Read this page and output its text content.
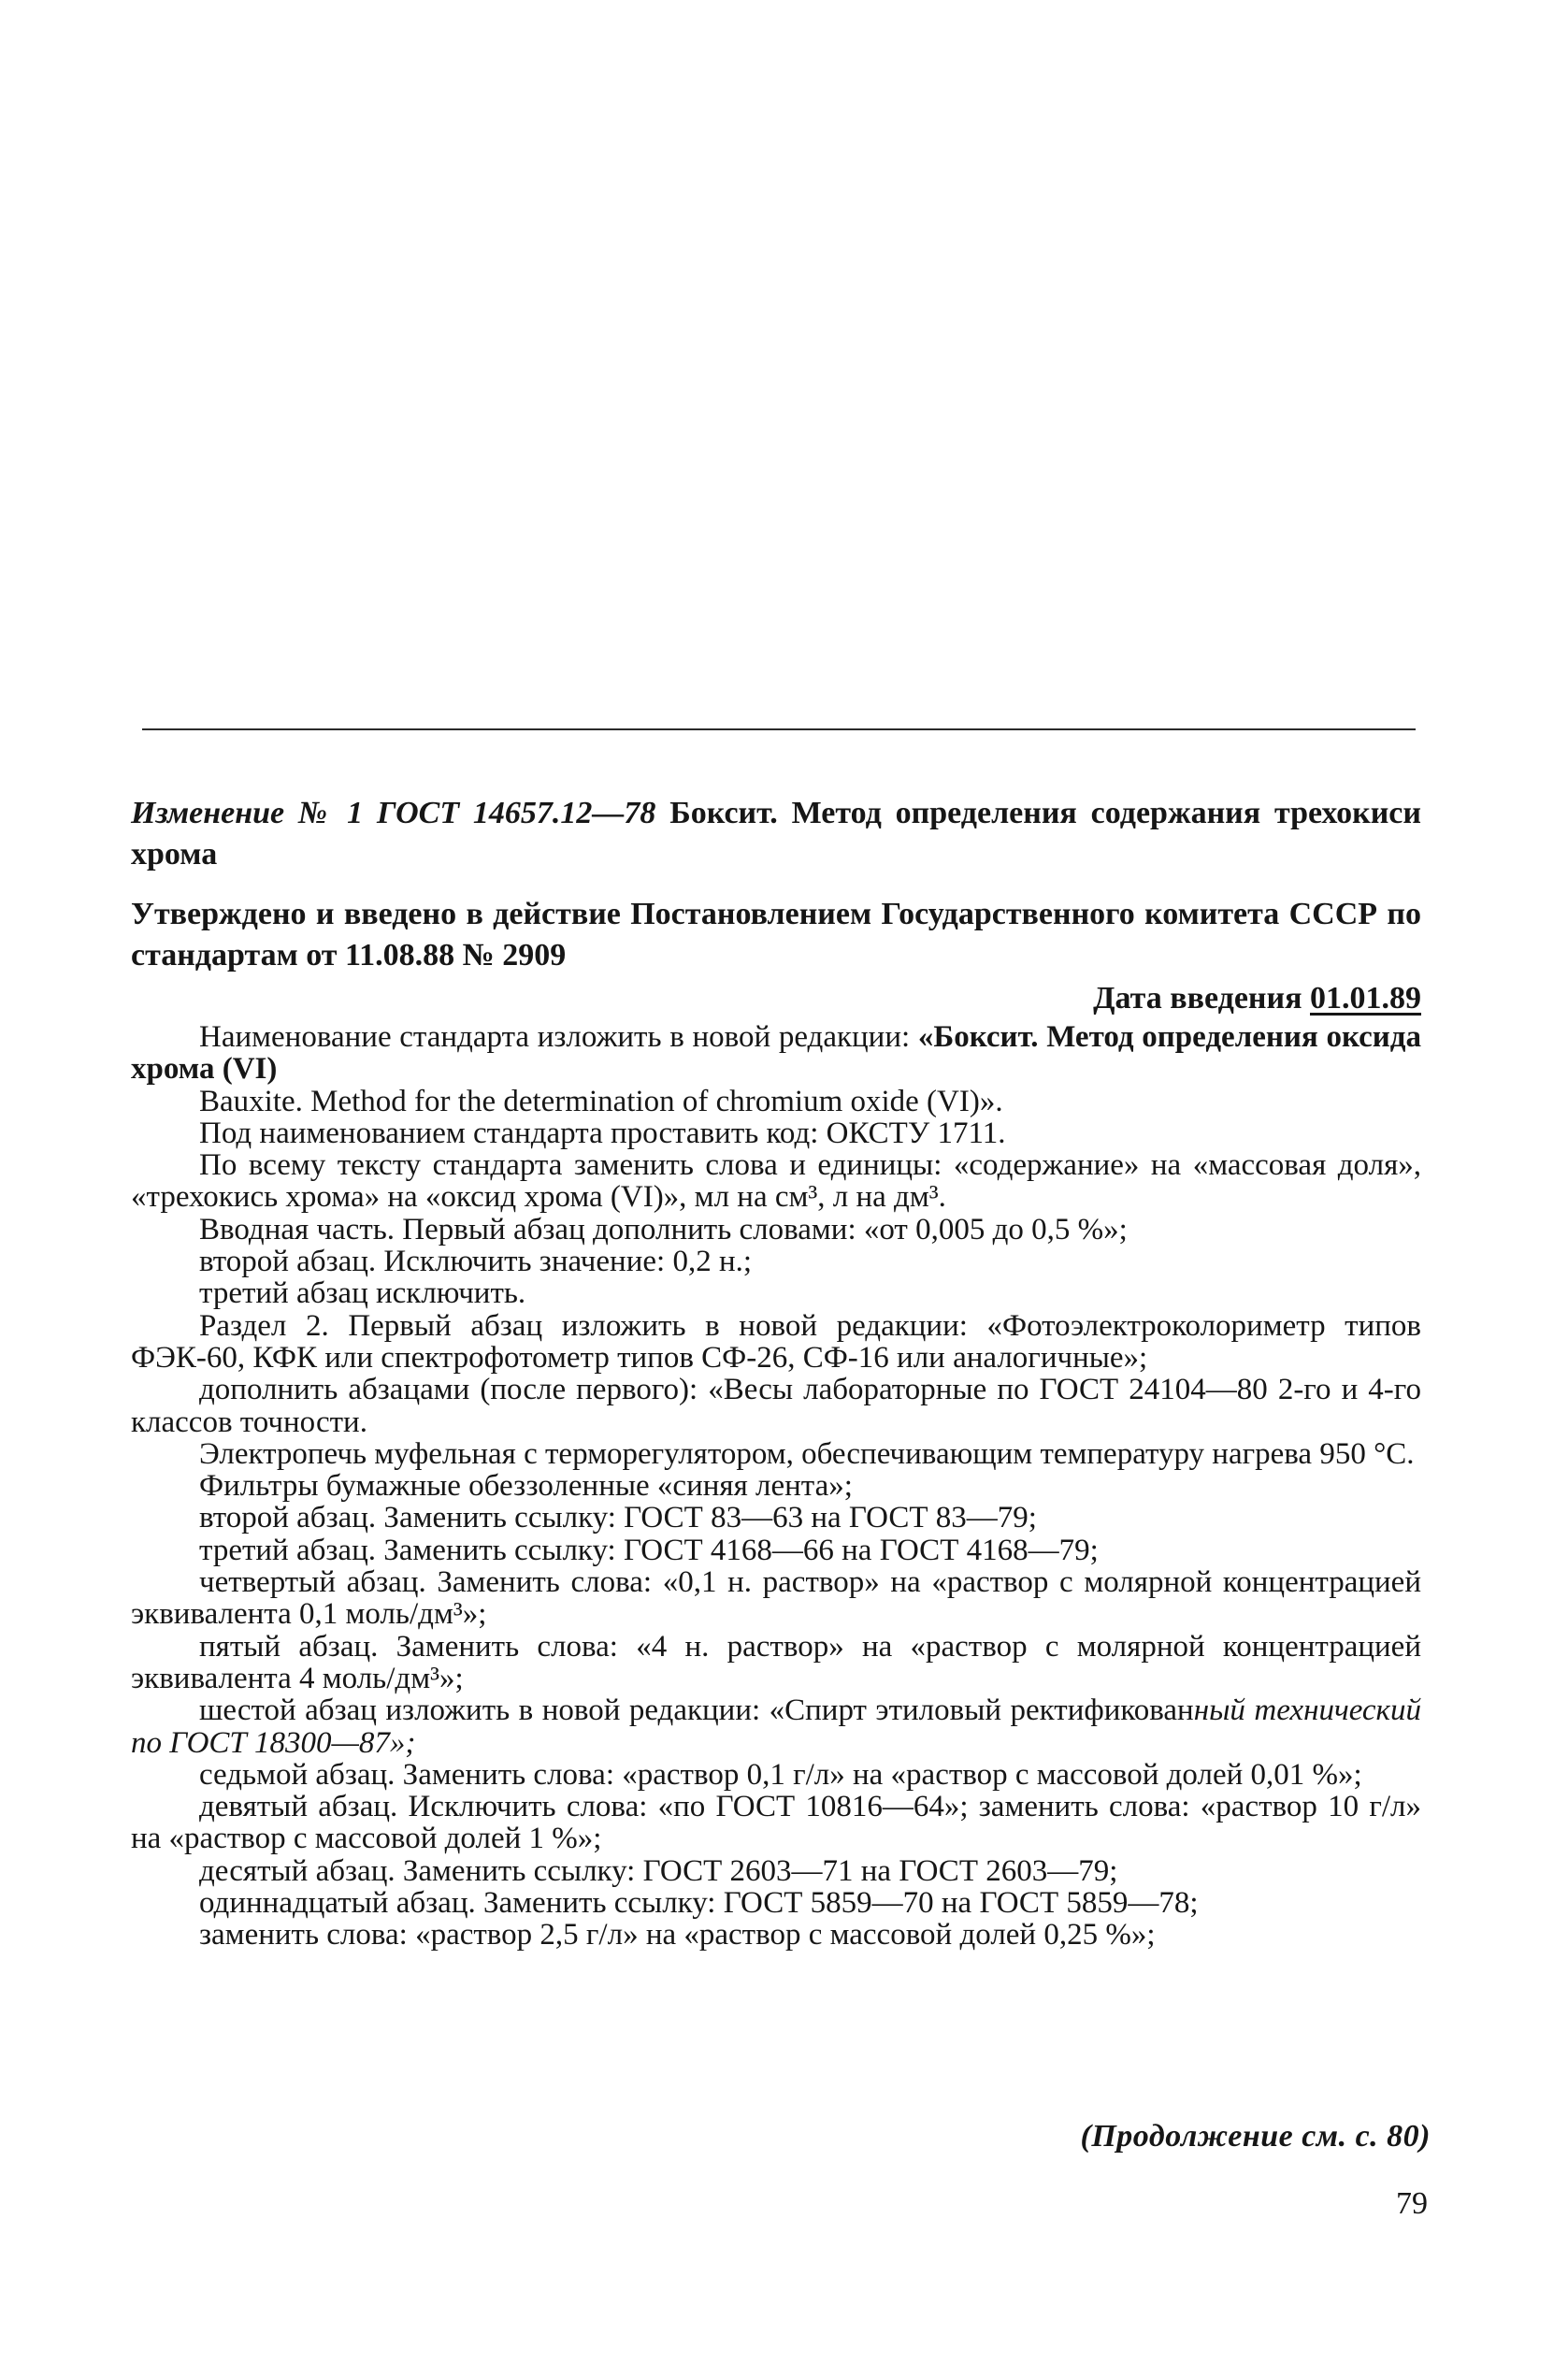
Изменение № 1 ГОСТ 14657.12—78 Боксит. Метод определения содержания трехокиси хрома

Утверждено и введено в действие Постановлением Государственного комитета СССР по стандартам от 11.08.88 № 2909

Дата введения 01.01.89

Наименование стандарта изложить в новой редакции: «Боксит. Метод определения оксида хрома (VI)

Bauxite. Method for the determination of chromium oxide (VI)».

Под наименованием стандарта проставить код: ОКСТУ 1711.

По всему тексту стандарта заменить слова и единицы: «содержание» на «массовая доля», «трехокись хрома» на «оксид хрома (VI)», мл на см³, л на дм³.

Вводная часть. Первый абзац дополнить словами: «от 0,005 до 0,5 %»;

второй абзац. Исключить значение: 0,2 н.;

третий абзац исключить.

Раздел 2. Первый абзац изложить в новой редакции: «Фотоэлектроколориметр типов ФЭК-60, КФК или спектрофотометр типов СФ-26, СФ-16 или аналогичные»;

дополнить абзацами (после первого): «Весы лабораторные по ГОСТ 24104—80 2-го и 4-го классов точности.

Электропечь муфельная с терморегулятором, обеспечивающим температуру нагрева 950 °С.

Фильтры бумажные обеззоленные «синяя лента»;

второй абзац. Заменить ссылку: ГОСТ 83—63 на ГОСТ 83—79;

третий абзац. Заменить ссылку: ГОСТ 4168—66 на ГОСТ 4168—79;

четвертый абзац. Заменить слова: «0,1 н. раствор» на «раствор с молярной концентрацией эквивалента 0,1 моль/дм³»;

пятый абзац. Заменить слова: «4 н. раствор» на «раствор с молярной концентрацией эквивалента 4 моль/дм³»;

шестой абзац изложить в новой редакции: «Спирт этиловый ректификованный технический по ГОСТ 18300—87»;

седьмой абзац. Заменить слова: «раствор 0,1 г/л» на «раствор с массовой долей 0,01 %»;

девятый абзац. Исключить слова: «по ГОСТ 10816—64»; заменить слова: «раствор 10 г/л» на «раствор с массовой долей 1 %»;

десятый абзац. Заменить ссылку: ГОСТ 2603—71 на ГОСТ 2603—79;

одиннадцатый абзац. Заменить ссылку: ГОСТ 5859—70 на ГОСТ 5859—78;

заменить слова: «раствор 2,5 г/л» на «раствор с массовой долей 0,25 %»;

(Продолжение см. с. 80)
79
